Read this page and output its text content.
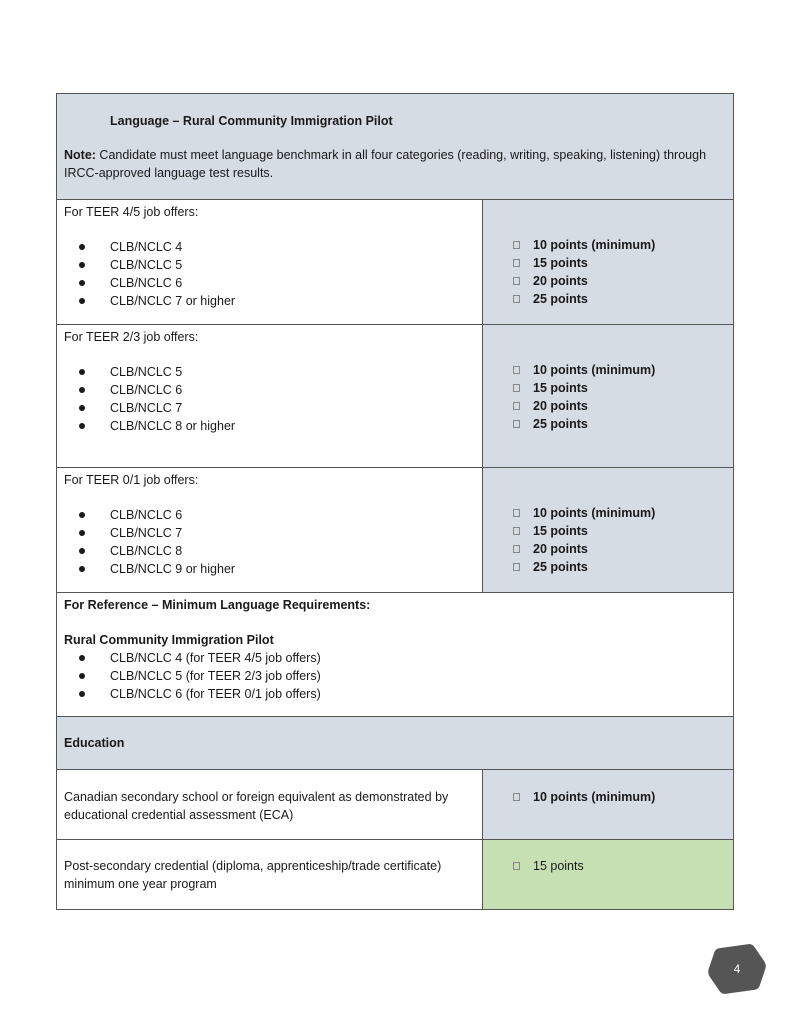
Language – Rural Community Immigration Pilot
Note: Candidate must meet language benchmark in all four categories (reading, writing, speaking, listening) through IRCC-approved language test results.
For TEER 4/5 job offers:
CLB/NCLC 4
CLB/NCLC 5
CLB/NCLC 6
CLB/NCLC 7 or higher
10 points (minimum)
15 points
20 points
25 points
For TEER 2/3 job offers:
CLB/NCLC 5
CLB/NCLC 6
CLB/NCLC 7
CLB/NCLC 8 or higher
10 points (minimum)
15 points
20 points
25 points
For TEER 0/1 job offers:
CLB/NCLC 6
CLB/NCLC 7
CLB/NCLC 8
CLB/NCLC 9 or higher
10 points (minimum)
15 points
20 points
25 points
For Reference – Minimum Language Requirements:
Rural Community Immigration Pilot
CLB/NCLC 4 (for TEER 4/5 job offers)
CLB/NCLC 5 (for TEER 2/3 job offers)
CLB/NCLC 6 (for TEER 0/1 job offers)
Education
Canadian secondary school or foreign equivalent as demonstrated by educational credential assessment (ECA)
10 points (minimum)
Post-secondary credential (diploma, apprenticeship/trade certificate) minimum one year program
15 points
4
